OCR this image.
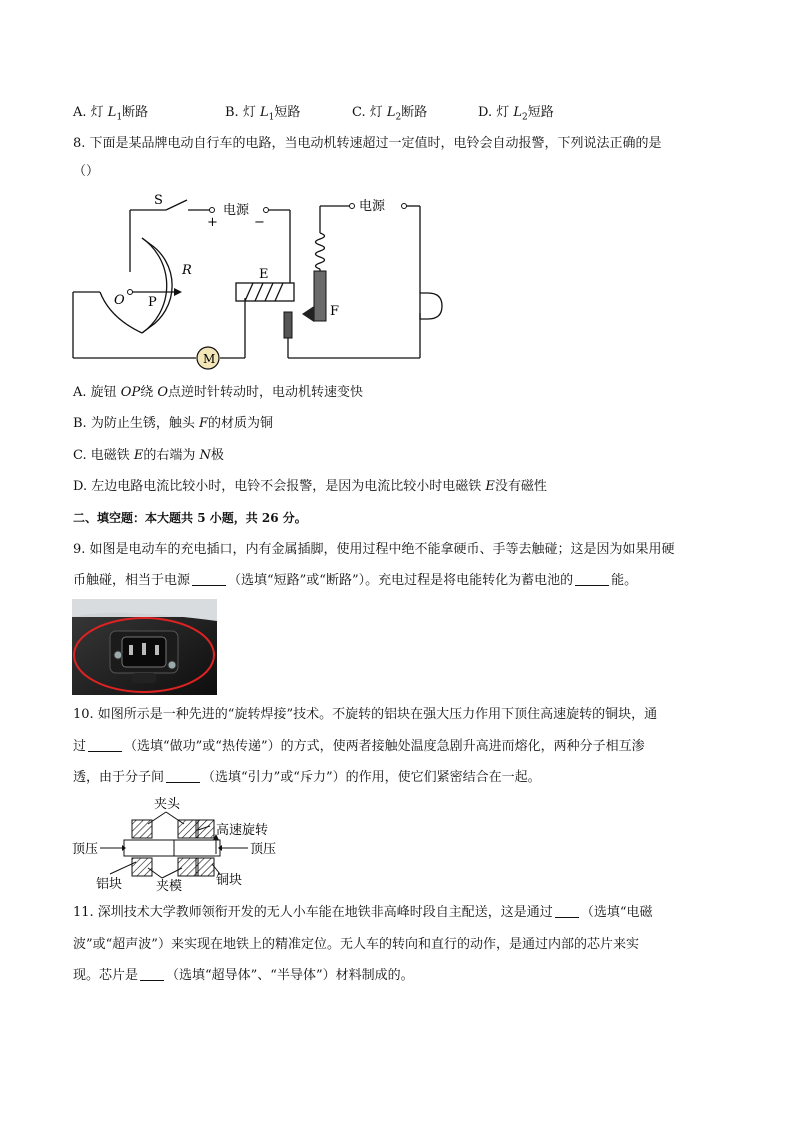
A. 灯 $L_1$断路	B. 灯 $L_1$短路	C. 灯 $L_2$断路	D. 灯 $L_2$短路
8. 下面是某品牌电动自行车的电路，当电动机转速超过一定值时，电铃会自动报警，下列说法正确的是
（）
S
+	−
电源	电源
R
O P
E
F
M
A. 旋钮 OP绕 O点逆时针转动时，电动机转速变快
B. 为防止生锈，触头 F的材质为铜
C. 电磁铁 E的右端为 N极
D. 左边电路电流比较小时，电铃不会报警，是因为电流比较小时电磁铁 E没有磁性
二、填空题：本大题共 5 小题，共 26 分。
9. 如图是电动车的充电插口，内有金属插脚，使用过程中绝不能拿硬币、手等去触碰；这是因为如果用硬
币触碰，相当于电源	（选填“短路”或“断路”）。充电过程是将电能转化为蓄电池的	能。
10. 如图所示是一种先进的“旋转焊接”技术。不旋转的铝块在强大压力作用下顶住高速旋转的铜块，通
过	（选填“做功”或“热传递”）的方式，使两者接触处温度急剧升高进而熔化，两种分子相互渗
透，由于分子间	（选填“引力”或“斥力”）的作用，使它们紧密结合在一起。
夹头
高速旋转
顶压	顶压
铝块	夹模	铜块
11. 深圳技术大学教师领衔开发的无人小车能在地铁非高峰时段自主配送，这是通过 （选填“电磁
波”或“超声波”）来实现在地铁上的精准定位。无人车的转向和直行的动作，是通过内部的芯片来实
现。芯片是 （选填“超导体”、“半导体”）材料制成的。
